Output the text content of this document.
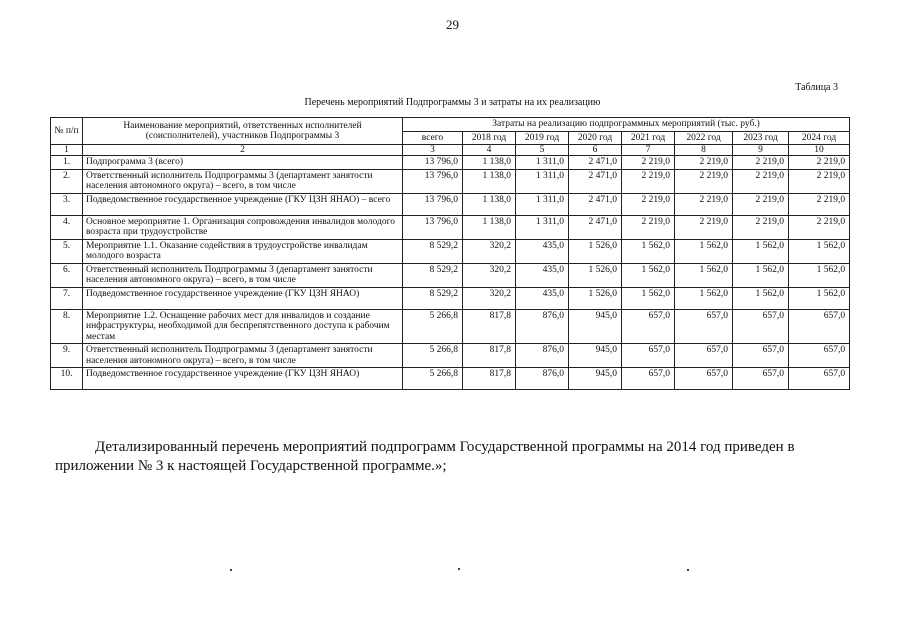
29
Таблица 3
Перечень мероприятий Подпрограммы 3 и затраты на их реализацию
№ п/п	Наименование мероприятий, ответственных исполнителей (соисполнителей), участников Подпрограммы 3	Затраты на реализацию подпрограммных мероприятий (тыс. руб.)							
		всего	2018 год	2019 год	2020 год	2021 год	2022 год	2023 год	2024 год
1	2	3	4	5	6	7	8	9	10
1.	Подпрограмма 3 (всего)	13 796,0	1 138,0	1 311,0	2 471,0	2 219,0	2 219,0	2 219,0	2 219,0
2.	Ответственный исполнитель Подпрограммы 3 (департамент занятости населения автономного округа) – всего, в том числе	13 796,0	1 138,0	1 311,0	2 471,0	2 219,0	2 219,0	2 219,0	2 219,0
3.	Подведомственное государственное учреждение (ГКУ ЦЗН ЯНАО) – всего	13 796,0	1 138,0	1 311,0	2 471,0	2 219,0	2 219,0	2 219,0	2 219,0
4.	Основное мероприятие 1. Организация сопровождения инвалидов молодого возраста при трудоустройстве	13 796,0	1 138,0	1 311,0	2 471,0	2 219,0	2 219,0	2 219,0	2 219,0
5.	Мероприятие 1.1. Оказание содействия в трудоустройстве инвалидам молодого возраста	8 529,2	320,2	435,0	1 526,0	1 562,0	1 562,0	1 562,0	1 562,0
6.	Ответственный исполнитель Подпрограммы 3 (департамент занятости населения автономного округа) – всего, в том числе	8 529,2	320,2	435,0	1 526,0	1 562,0	1 562,0	1 562,0	1 562,0
7.	Подведомственное государственное учреждение (ГКУ ЦЗН ЯНАО)	8 529,2	320,2	435,0	1 526,0	1 562,0	1 562,0	1 562,0	1 562,0
8.	Мероприятие 1.2. Оснащение рабочих мест для инвалидов и создание инфраструктуры, необходимой для беспрепятственного доступа к рабочим местам	5 266,8	817,8	876,0	945,0	657,0	657,0	657,0	657,0
9.	Ответственный исполнитель Подпрограммы 3 (департамент занятости населения автономного округа) – всего, в том числе	5 266,8	817,8	876,0	945,0	657,0	657,0	657,0	657,0
10.	Подведомственное государственное учреждение (ГКУ ЦЗН ЯНАО)	5 266,8	817,8	876,0	945,0	657,0	657,0	657,0	657,0
Детализированный перечень мероприятий подпрограмм Государственной программы на 2014 год приведен в приложении № 3 к настоящей Государственной программе.»;
